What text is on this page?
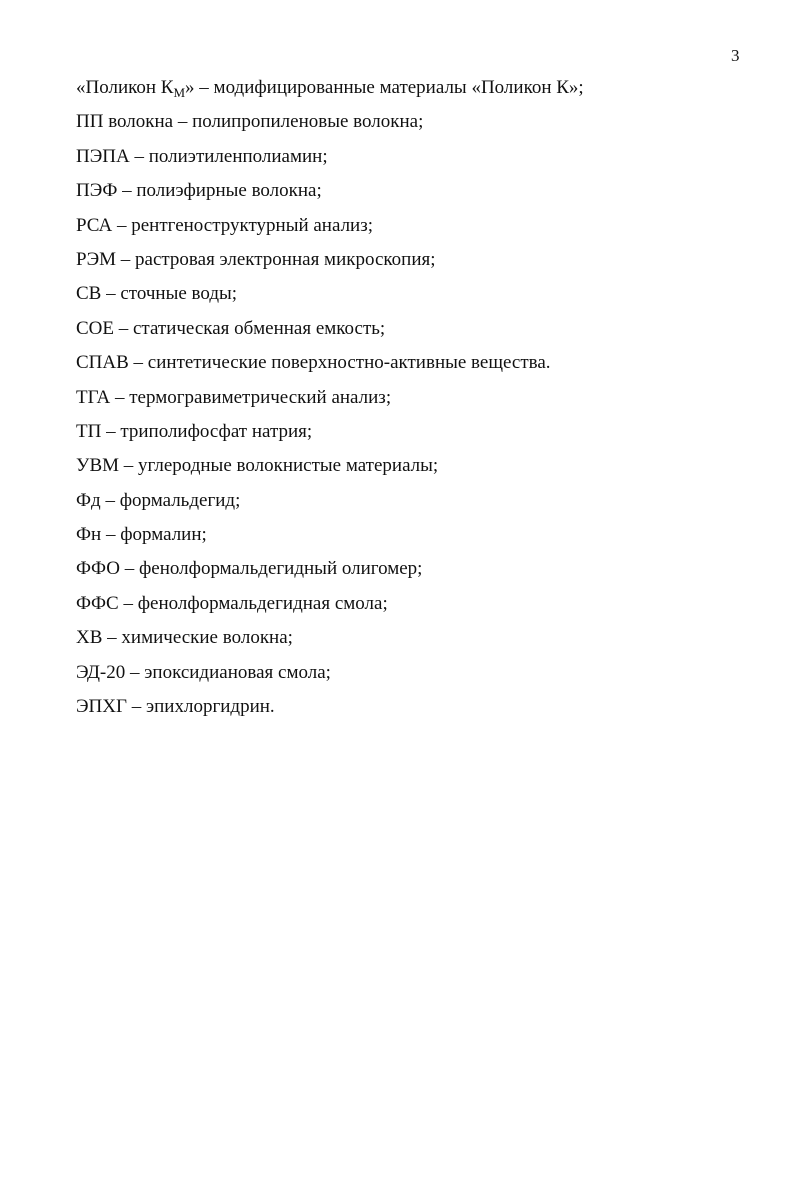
3
«Поликон $К_М$» – модифицированные материалы «Поликон К»;
ПП волокна – полипропиленовые волокна;
ПЭПА – полиэтиленполиамин;
ПЭФ – полиэфирные волокна;
РСА – рентгеноструктурный анализ;
РЭМ – растровая электронная микроскопия;
СВ – сточные воды;
СОЕ – статическая обменная емкость;
СПАВ – синтетические поверхностно-активные вещества.
ТГА – термогравиметрический анализ;
ТП – триполифосфат натрия;
УВМ – углеродные волокнистые материалы;
Фд – формальдегид;
Фн – формалин;
ФФО – фенолформальдегидный олигомер;
ФФС – фенолформальдегидная смола;
ХВ – химические волокна;
ЭД-20 – эпоксидиановая смола;
ЭПХГ – эпихлоргидрин.
